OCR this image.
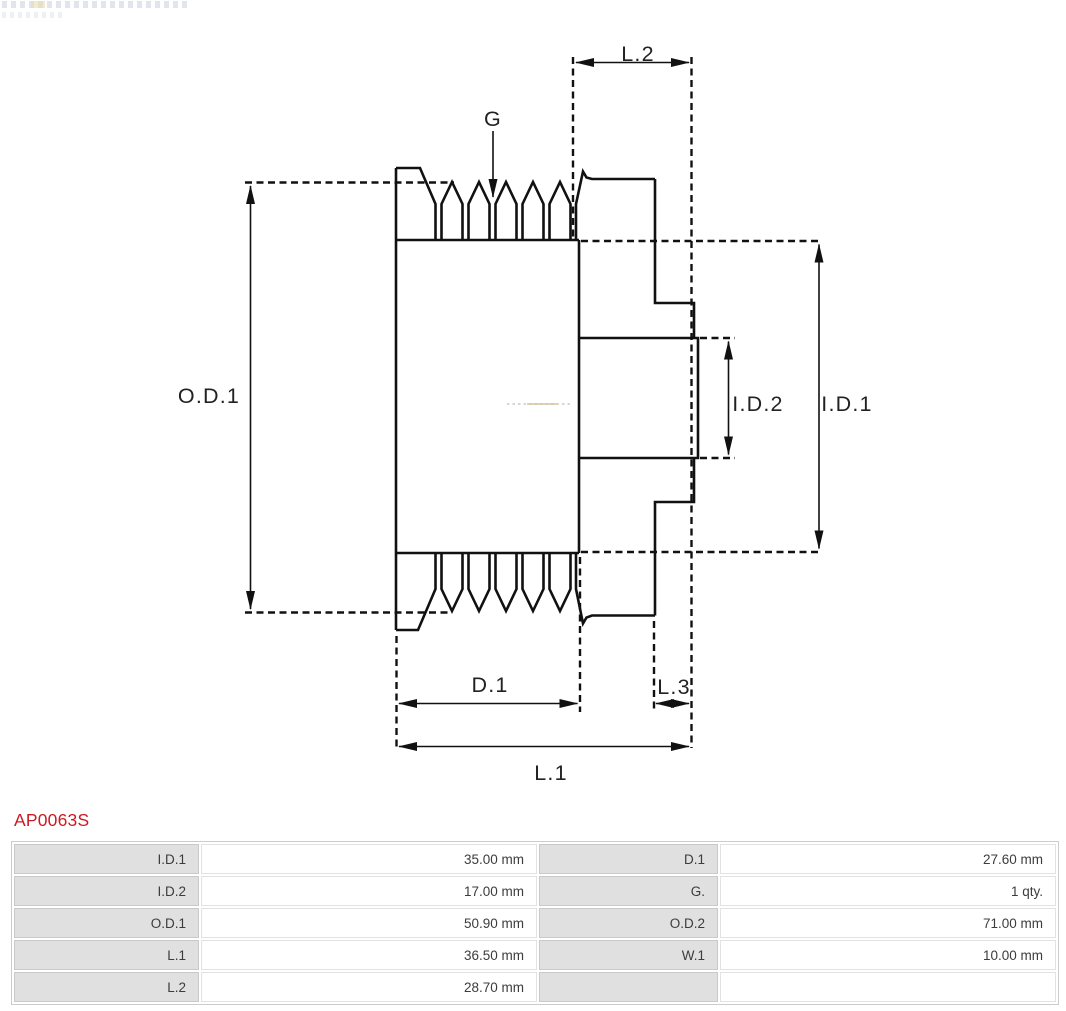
O.D.1
L.2
G
I.D.2 I.D.1
D.1	L.3
L.1
AP0063S
I.D.1	35.00 mm	D.1	27.60 mm
I.D.2	17.00 mm	G.	1 qty.
O.D.1	50.90 mm	O.D.2	71.00 mm
L.1	36.50 mm	W.1	10.00 mm
L.2	28.70 mm		
